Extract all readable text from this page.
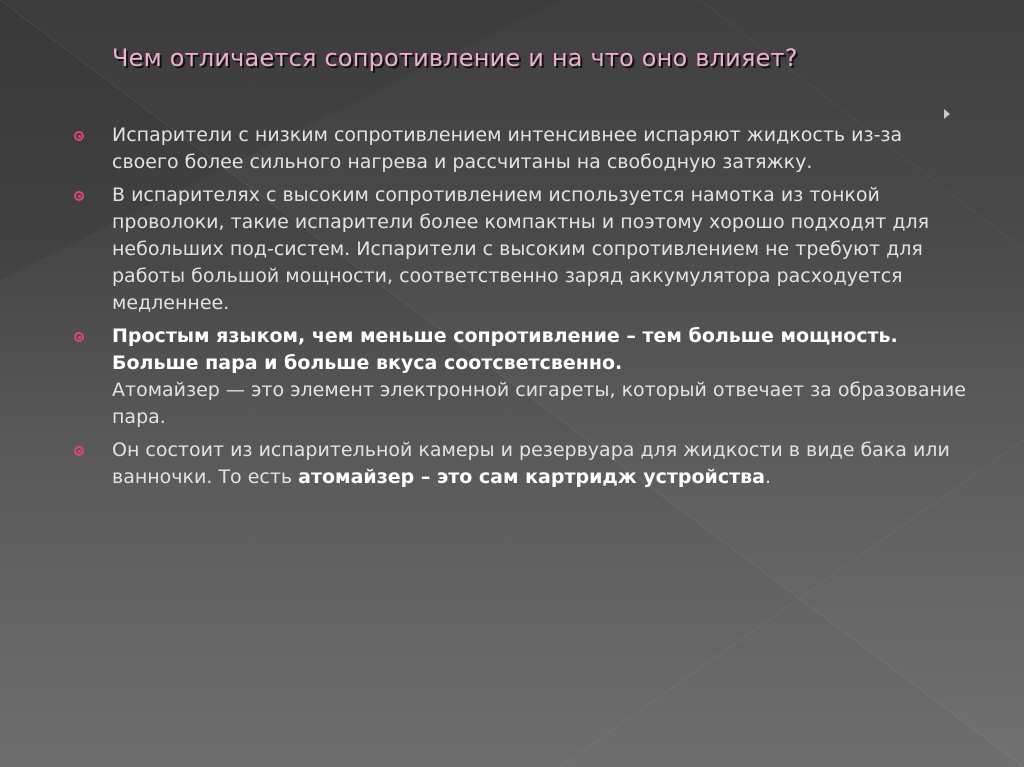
Чем отличается сопротивление и на что оно влияет?
Испарители с низким сопротивлением интенсивнее испаряют жидкость из-за своего более сильного нагрева и рассчитаны на свободную затяжку.
В испарителях с высоким сопротивлением используется намотка из тонкой проволоки, такие испарители более компактны и поэтому хорошо подходят для небольших под-систем. Испарители с высоким сопротивлением не требуют для работы большой мощности, соответственно заряд аккумулятора расходуется медленнее.
Простым языком, чем меньше сопротивление – тем больше мощность.
Больше пара и больше вкуса соотсветсвенно.
Атомайзер — это элемент электронной сигареты, который отвечает за образование пара.
Он состоит из испарительной камеры и резервуара для жидкости в виде бака или ванночки. То есть атомайзер – это сам картридж устройства.
